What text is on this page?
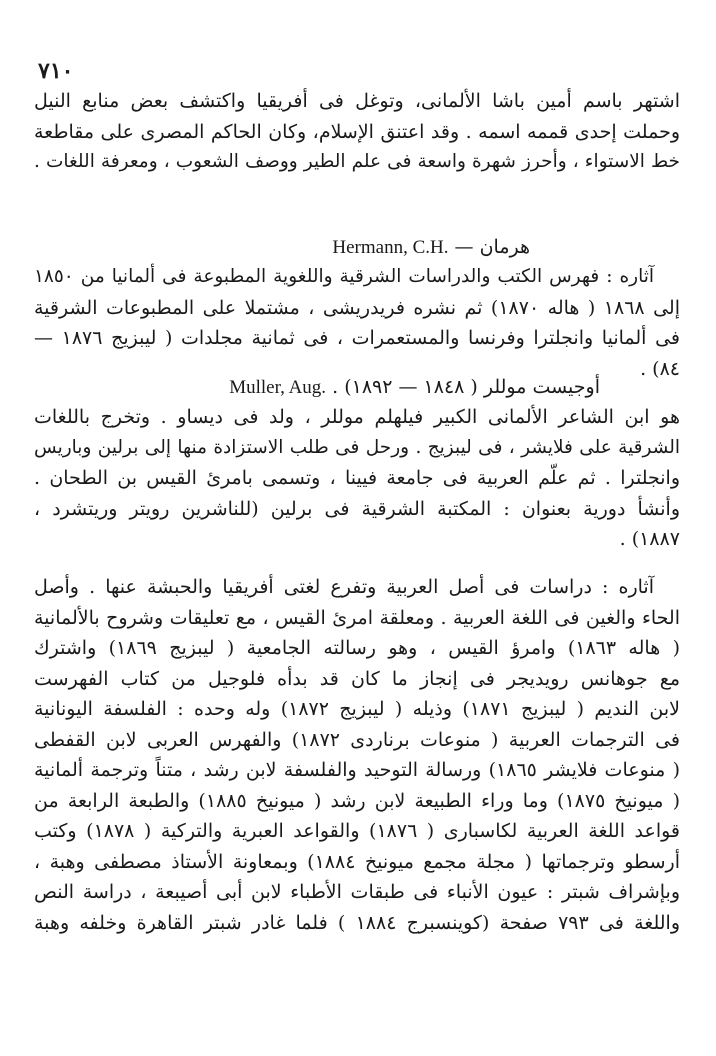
٧١٠
اشتهر باسم أمين باشا الألمانى، وتوغل فى أفريقيا واكتشف بعض منابع النيل
وحملت إحدى قممه اسمه . وقد اعتنق الإسلام، وكان الحاكم المصرى على مقاطعة
خط الاستواء ، وأحرز شهرة واسعة فى علم الطير ووصف الشعوب ، ومعرفة اللغات .
هرمان — Hermann, C.H.
آثاره : فهرس الكتب والدراسات الشرقية واللغوية المطبوعة فى ألمانيا من ١٨٥٠
إلى ١٨٦٨ ( هاله ١٨٧٠) ثم نشره فريدريشى ، مشتملا على المطبوعات الشرقية
فى ألمانيا وانجلترا وفرنسا والمستعمرات ، فى ثمانية مجلدات ( ليبزيج ١٨٧٦ —
٨٤) .
أوجيست موللر ( ١٨٤٨ — ١٨٩٢) . Muller, Aug.
هو ابن الشاعر الألمانى الكبير فيلهلم موللر ، ولد فى ديساو . وتخرج باللغات
الشرقية على فلايشر ، فى ليبزيج . ورحل فى طلب الاستزادة منها إلى برلين وباريس
وانجلترا . ثم علّم العربية فى جامعة فيينا ، وتسمى بامرئ القيس بن الطحان .
وأنشأ دورية بعنوان : المكتبة الشرقية فى برلين (للناشرين رويتر وريتشرد ،
١٨٨٧) .
آثاره : دراسات فى أصل العربية وتفرع لغتى أفريقيا والحبشة عنها . وأصل
الحاء والغين فى اللغة العربية . ومعلقة امرئ القيس ، مع تعليقات وشروح بالألمانية
( هاله ١٨٦٣) وامرؤ القيس ، وهو رسالته الجامعية ( ليبزيج ١٨٦٩) واشترك
مع جوهانس رويديجر فى إنجاز ما كان قد بدأه فلوجيل من كتاب الفهرست
لابن النديم ( ليبزيج ١٨٧١) وذيله ( ليبزيج ١٨٧٢) وله وحده : الفلسفة اليونانية
فى الترجمات العربية ( منوعات برناردى ١٨٧٢) والفهرس العربى لابن القفطى
( منوعات فلايشر ١٨٦٥) ورسالة التوحيد والفلسفة لابن رشد ، متناً وترجمة ألمانية
( ميونيخ ١٨٧٥) وما وراء الطبيعة لابن رشد ( ميونيخ ١٨٨٥) والطبعة الرابعة من
قواعد اللغة العربية لكاسبارى ( ١٨٧٦) والقواعد العبرية والتركية ( ١٨٧٨) وكتب
أرسطو وترجماتها ( مجلة مجمع ميونيخ ١٨٨٤) وبمعاونة الأستاذ مصطفى وهبة ،
وبإشراف شبتر : عيون الأنباء فى طبقات الأطباء لابن أبى أصيبعة ، دراسة النص
واللغة فى ٧٩٣ صفحة (كوينسبرج ١٨٨٤ ) فلما غادر شبتر القاهرة وخلفه وهبة
